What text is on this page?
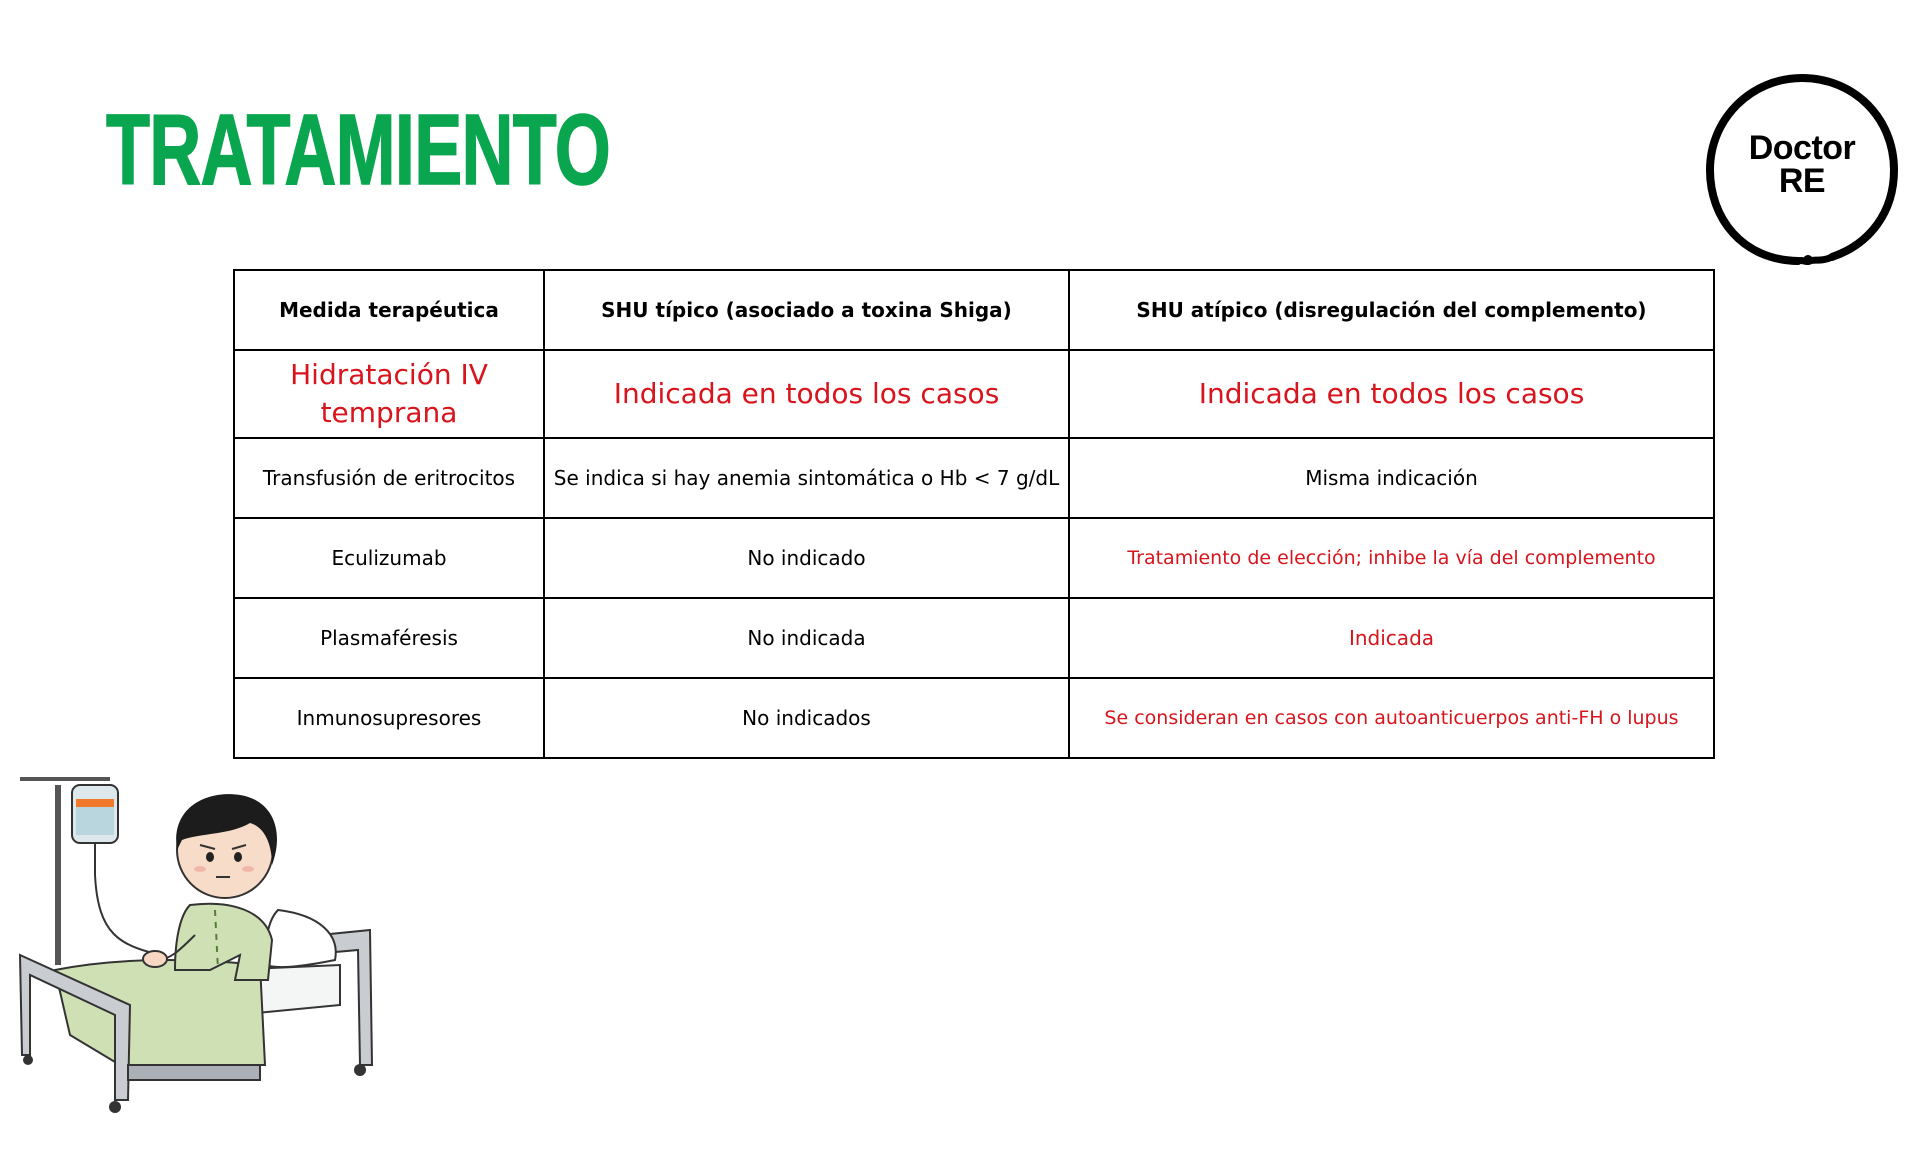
TRATAMIENTO	Doctor
RE
Medida terapéutica	SHU típico (asociado a toxina Shiga)	SHU atípico (disregulación del complemento)
Hidratación IV temprana	Indicada en todos los casos	Indicada en todos los casos
Transfusión de eritrocitos	Se indica si hay anemia sintomática o Hb < 7 g/dL	Misma indicación
Eculizumab	No indicado	Tratamiento de elección; inhibe la vía del complemento
Plasmaféresis	No indicada	Indicada
Inmunosupresores	No indicados	Se consideran en casos con autoanticuerpos anti-FH o lupus
